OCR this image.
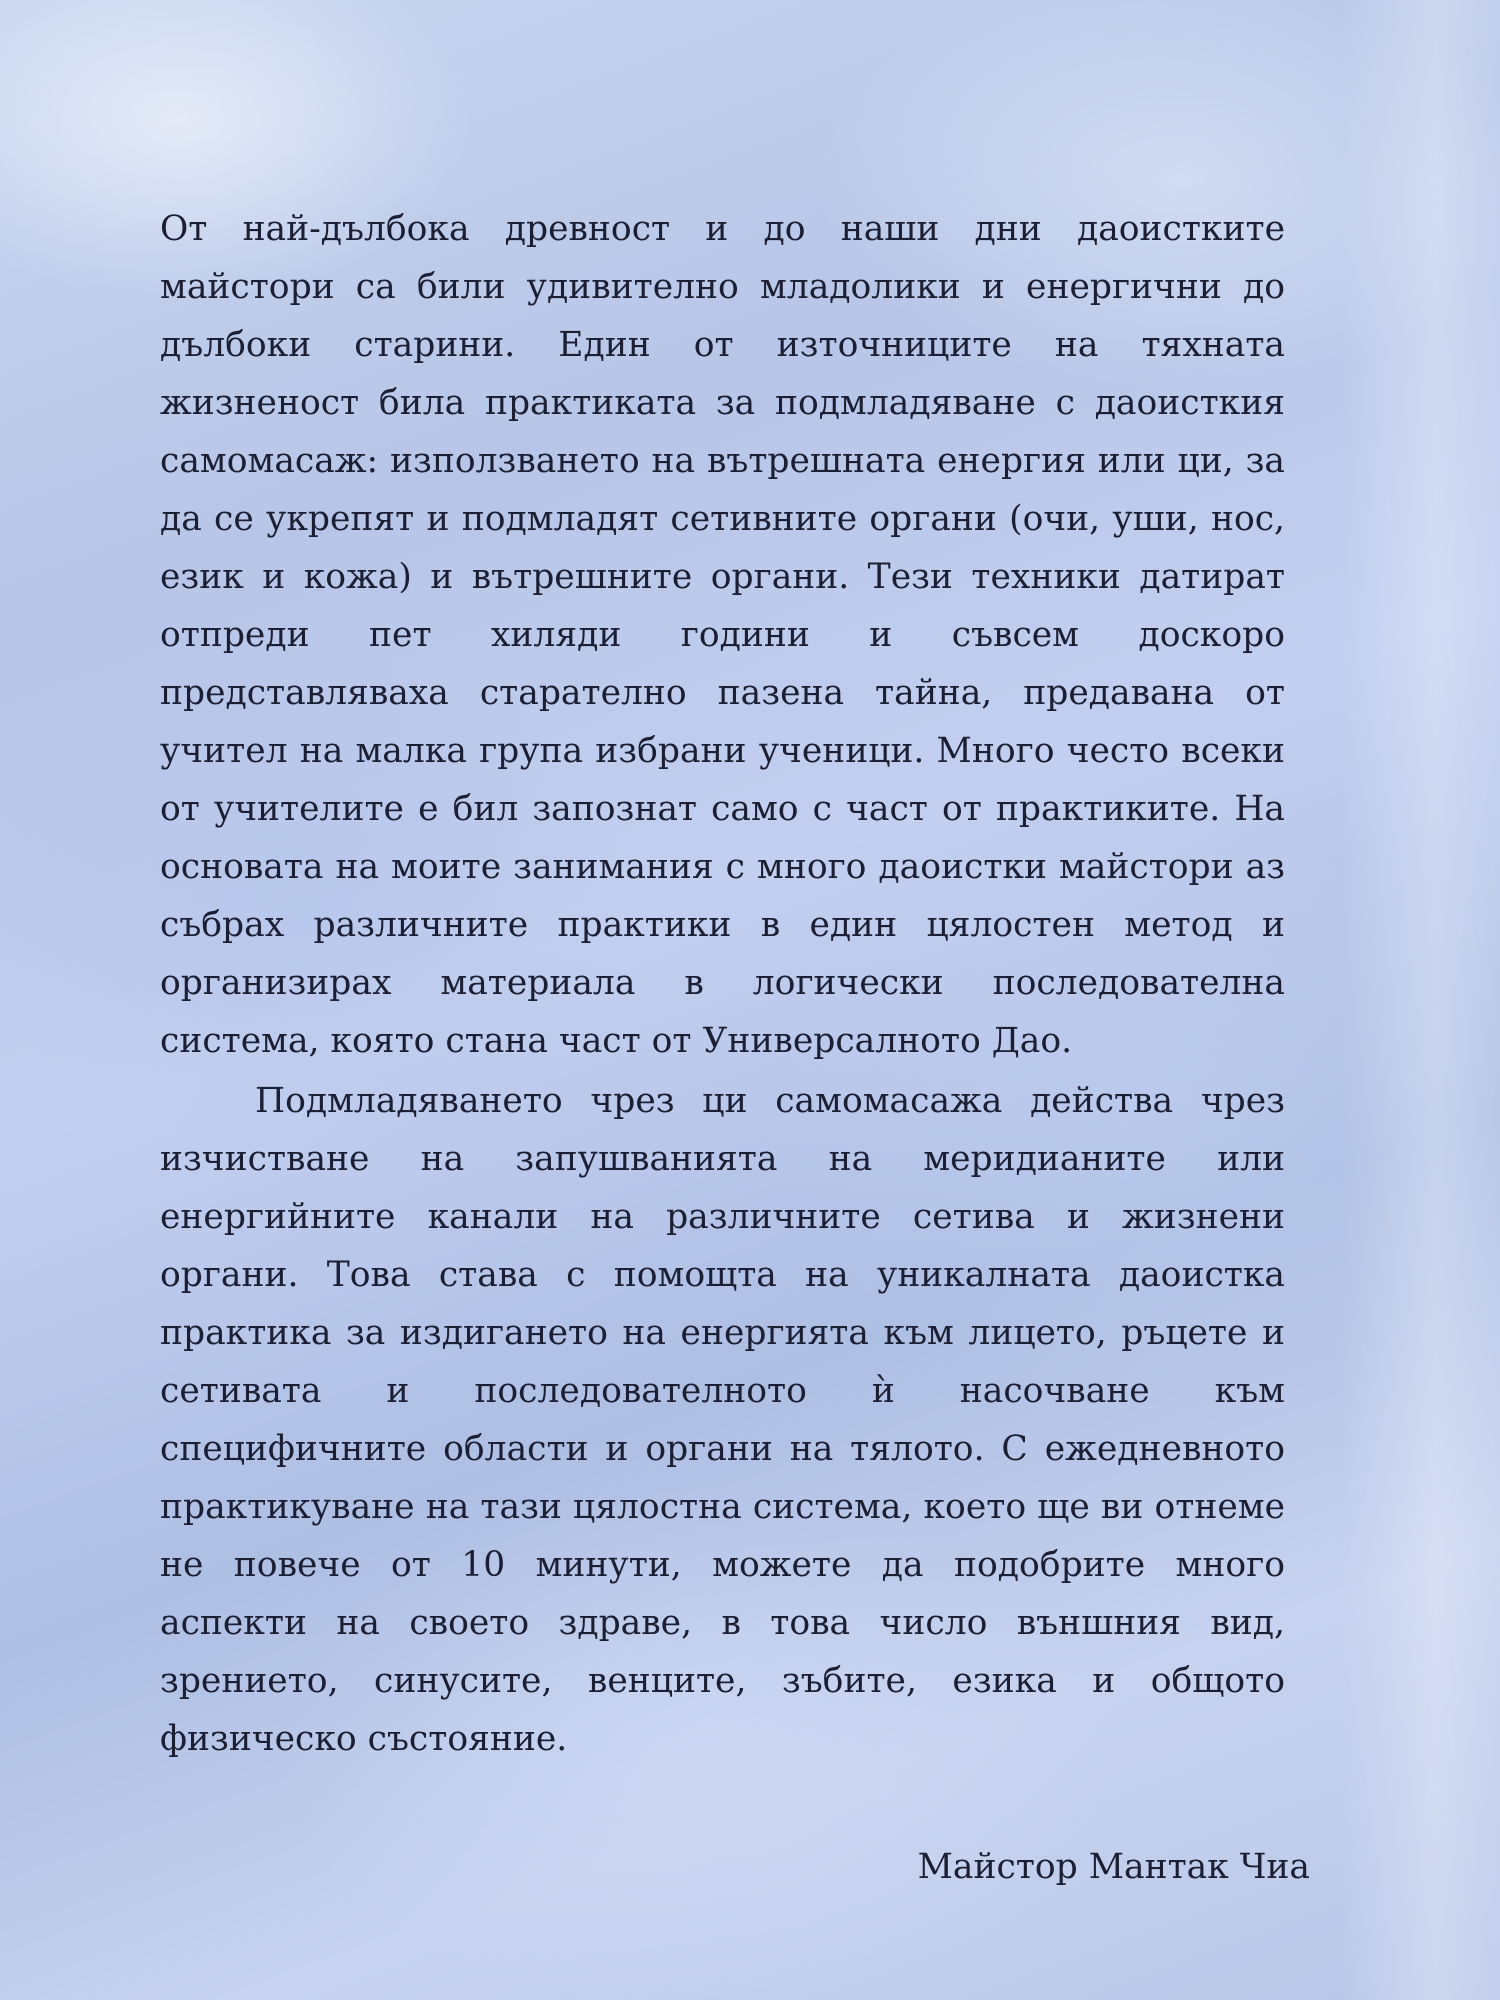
От най-дълбока древност и до наши дни даоистките майстори са били удивително младолики и енергични до дълбоки старини. Един от източниците на тяхната жизненост била практиката за подмладяване с даоисткия самомасаж: използването на вътрешната енергия или ци, за да се укрепят и подмладят сетивните органи (очи, уши, нос, език и кожа) и вътрешните органи. Тези техники датират отпреди пет хиляди години и съвсем доскоро представляваха старателно пазена тайна, предавана от учител на малка група избрани ученици. Много често всеки от учителите е бил запознат само с част от практиките. На основата на моите занимания с много даоистки майстори аз събрах различните практики в един цялостен метод и организирах материала в логически последователна система, която стана част от Универсалното Дао.

Подмладяването чрез ци самомасажа действа чрез изчистване на запушванията на меридианите или енергийните канали на различните сетива и жизнени органи. Това става с помощта на уникалната даоистка практика за издигането на енергията към лицето, ръцете и сетивата и последователното ѝ насочване към специфичните области и органи на тялото. С ежедневното практикуване на тази цялостна система, което ще ви отнеме не повече от 10 минути, можете да подобрите много аспекти на своето здраве, в това число външния вид, зрението, синусите, венците, зъбите, езика и общото физическо състояние.

Майстор Мантак Чиа
